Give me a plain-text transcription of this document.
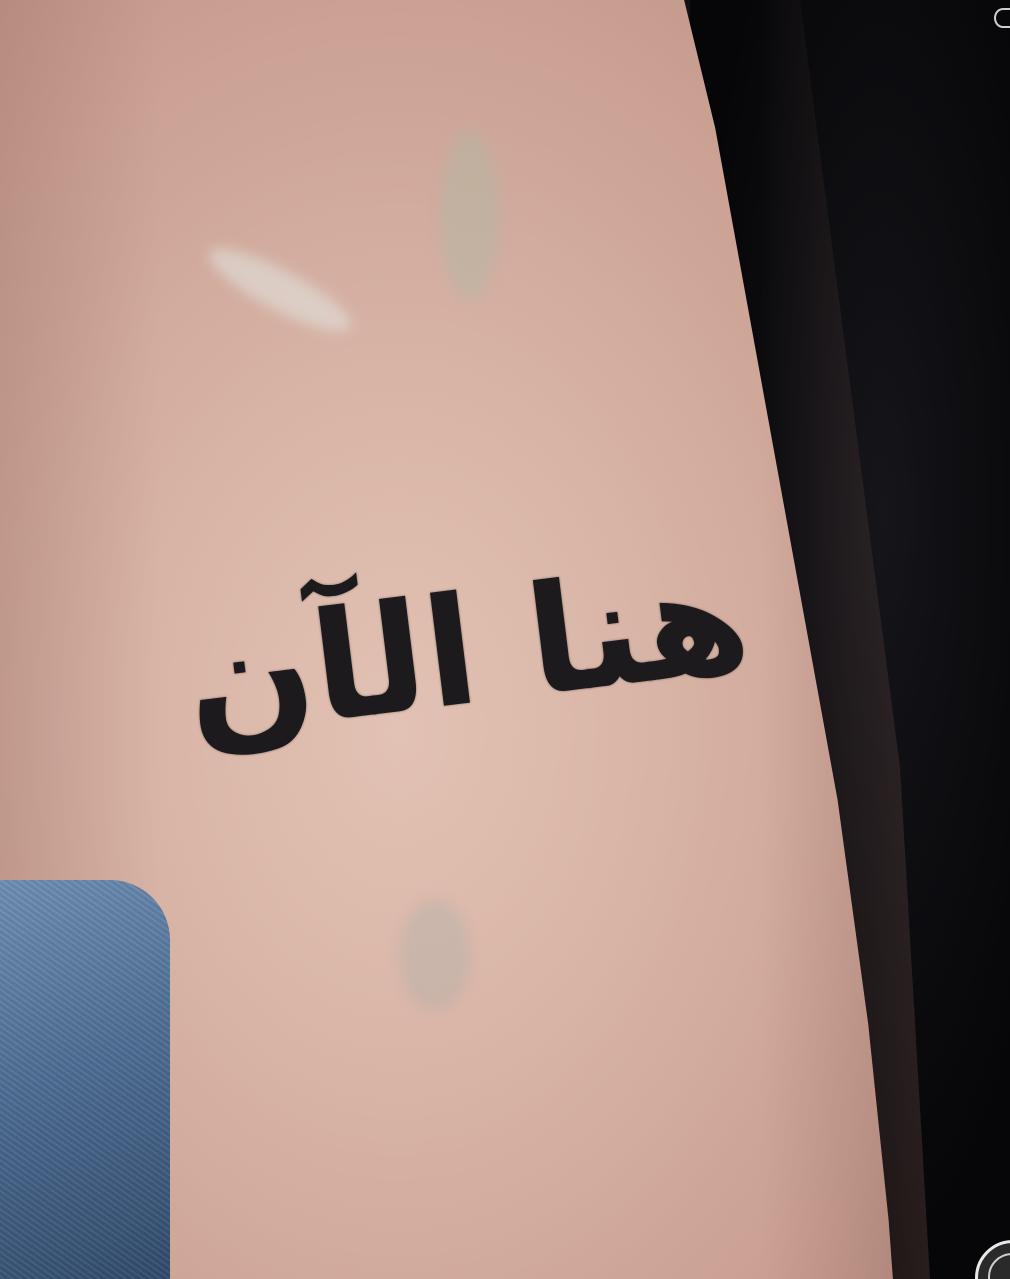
هنا الآن
